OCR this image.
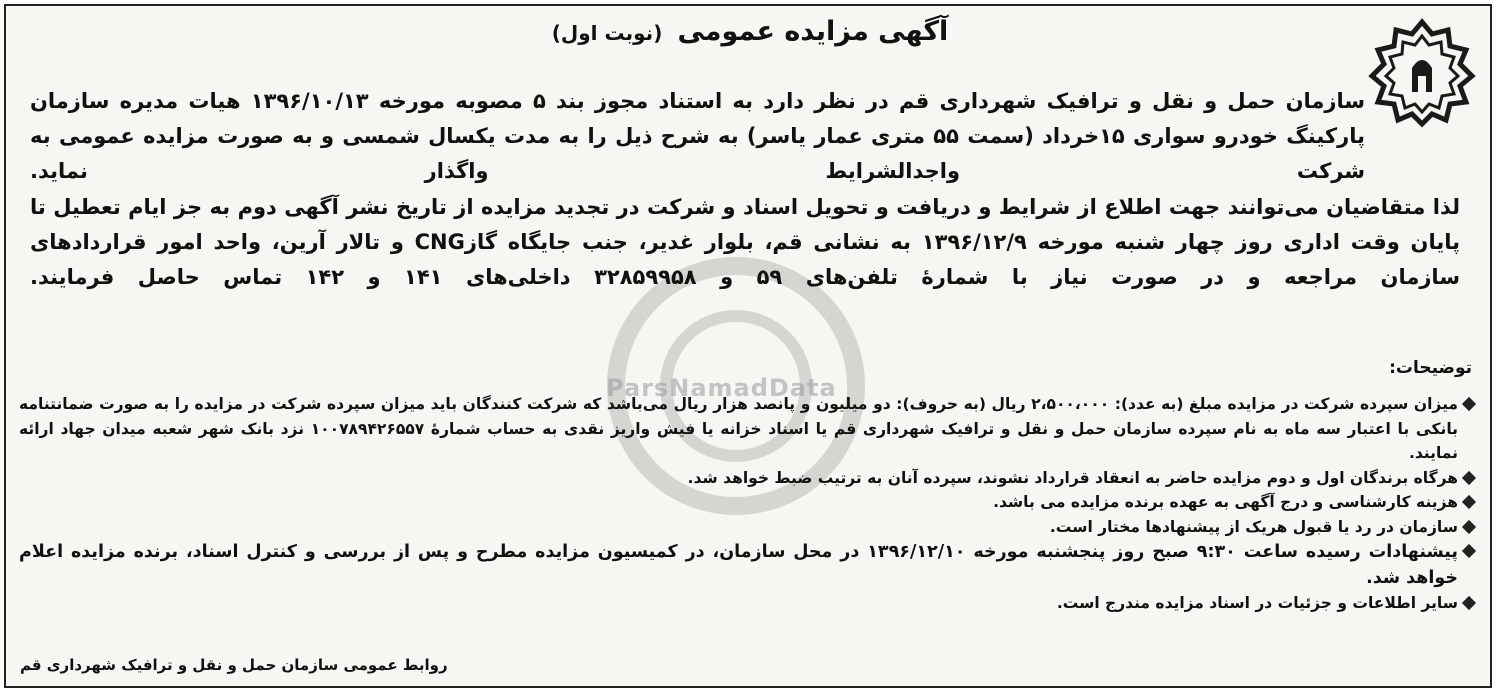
ParsNamadData
آگهی مزایده عمومی (نوبت اول)
سازمان حمل و نقل و ترافیک شهرداری قم در نظر دارد به استناد مجوز بند ۵ مصوبه مورخه ۱۳۹۶/۱۰/۱۳ هیات مدیره سازمان پارکینگ خودرو سواری ۱۵خرداد (سمت ۵۵ متری عمار یاسر) به شرح ذیل را به مدت یکسال شمسی و به صورت مزایده عمومی به شرکت واجدالشرایط واگذار نماید.
لذا متقاضیان می‌توانند جهت اطلاع از شرایط و دریافت و تحویل اسناد و شرکت در تجدید مزایده از تاریخ نشر آگهی دوم به جز ایام تعطیل تا پایان وقت اداری روز چهار شنبه مورخه ۱۳۹۶/۱۲/۹ به نشانی قم، بلوار غدیر، جنب جایگاه گازCNG و تالار آرین، واحد امور قراردادهای سازمان مراجعه و در صورت نیاز با شمارهٔ تلفن‌های ۵۹ و ۳۲۸۵۹۹۵۸ داخلی‌های ۱۴۱ و ۱۴۲ تماس حاصل فرمایند.
توضیحات:

میزان سپرده شرکت در مزایده مبلغ (به عدد): ۲،۵۰۰،۰۰۰ ریال (به حروف): دو میلیون و پانصد هزار ریال می‌باشد که شرکت کنندگان باید میزان سپرده شرکت در مزایده را به صورت ضمانتنامه بانکی با اعتبار سه ماه به نام سپرده سازمان حمل و نقل و ترافیک شهرداری قم یا اسناد خزانه یا فیش واریز نقدی به حساب شمارهٔ ۱۰۰۷۸۹۴۲۶۵۵۷ نزد بانک شهر شعبه میدان جهاد ارائه نمایند.

هرگاه برندگان اول و دوم مزایده حاضر به انعقاد قرارداد نشوند، سپرده آنان به ترتیب ضبط خواهد شد.

هزینه کارشناسی و درج آگهی به عهده برنده مزایده می باشد.

سازمان در رد یا قبول هریک از پیشنهادها مختار است.

پیشنهادات رسیده ساعت ۹:۳۰ صبح روز پنجشنبه مورخه ۱۳۹۶/۱۲/۱۰ در محل سازمان، در کمیسیون مزایده مطرح و پس از بررسی و کنترل اسناد، برنده مزایده اعلام خواهد شد.

سایر اطلاعات و جزئیات در اسناد مزایده مندرج است.

روابط عمومی سازمان حمل و نقل و ترافیک شهرداری قم
